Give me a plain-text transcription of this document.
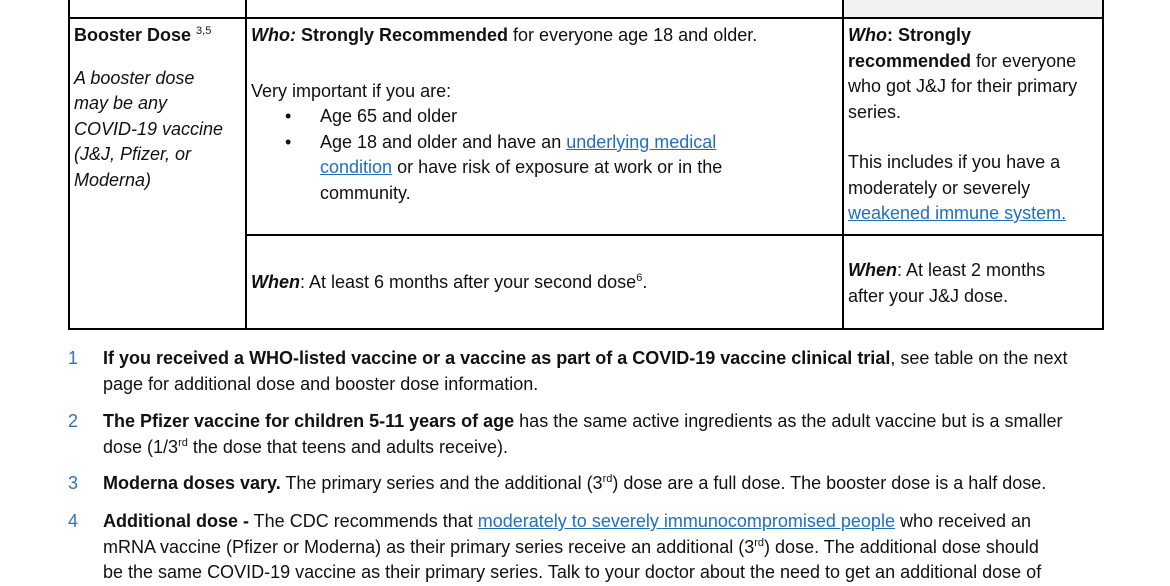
Booster Dose $^{3,5}$

A booster dose

may be any

COVID-19 vaccine

(J&J, Pfizer, or

Moderna)

Who: Strongly Recommended for everyone age 18 and older.

Very important if you are:

• Age 65 and older
• Age 18 and older and have an underlying medical
condition or have risk of exposure at work or in the
community.

When: At least 6 months after your second dose$^6$.

Who: Strongly

recommended for everyone

who got J&J for their primary

series.

This includes if you have a

moderately or severely

weakened immune system.

When: At least 2 months

after your J&J dose.

1 If you received a WHO-listed vaccine or a vaccine as part of a COVID-19 vaccine clinical trial, see table on the next
page for additional dose and booster dose information.
2 The Pfizer vaccine for children 5-11 years of age has the same active ingredients as the adult vaccine but is a smaller
dose (1/3rd the dose that teens and adults receive).
3 Moderna doses vary. The primary series and the additional (3rd) dose are a full dose. The booster dose is a half dose.
4 Additional dose - The CDC recommends that moderately to severely immunocompromised people who received an
mRNA vaccine (Pfizer or Moderna) as their primary series receive an additional (3rd) dose. The additional dose should
be the same COVID-19 vaccine as their primary series. Talk to your doctor about the need to get an additional dose of
